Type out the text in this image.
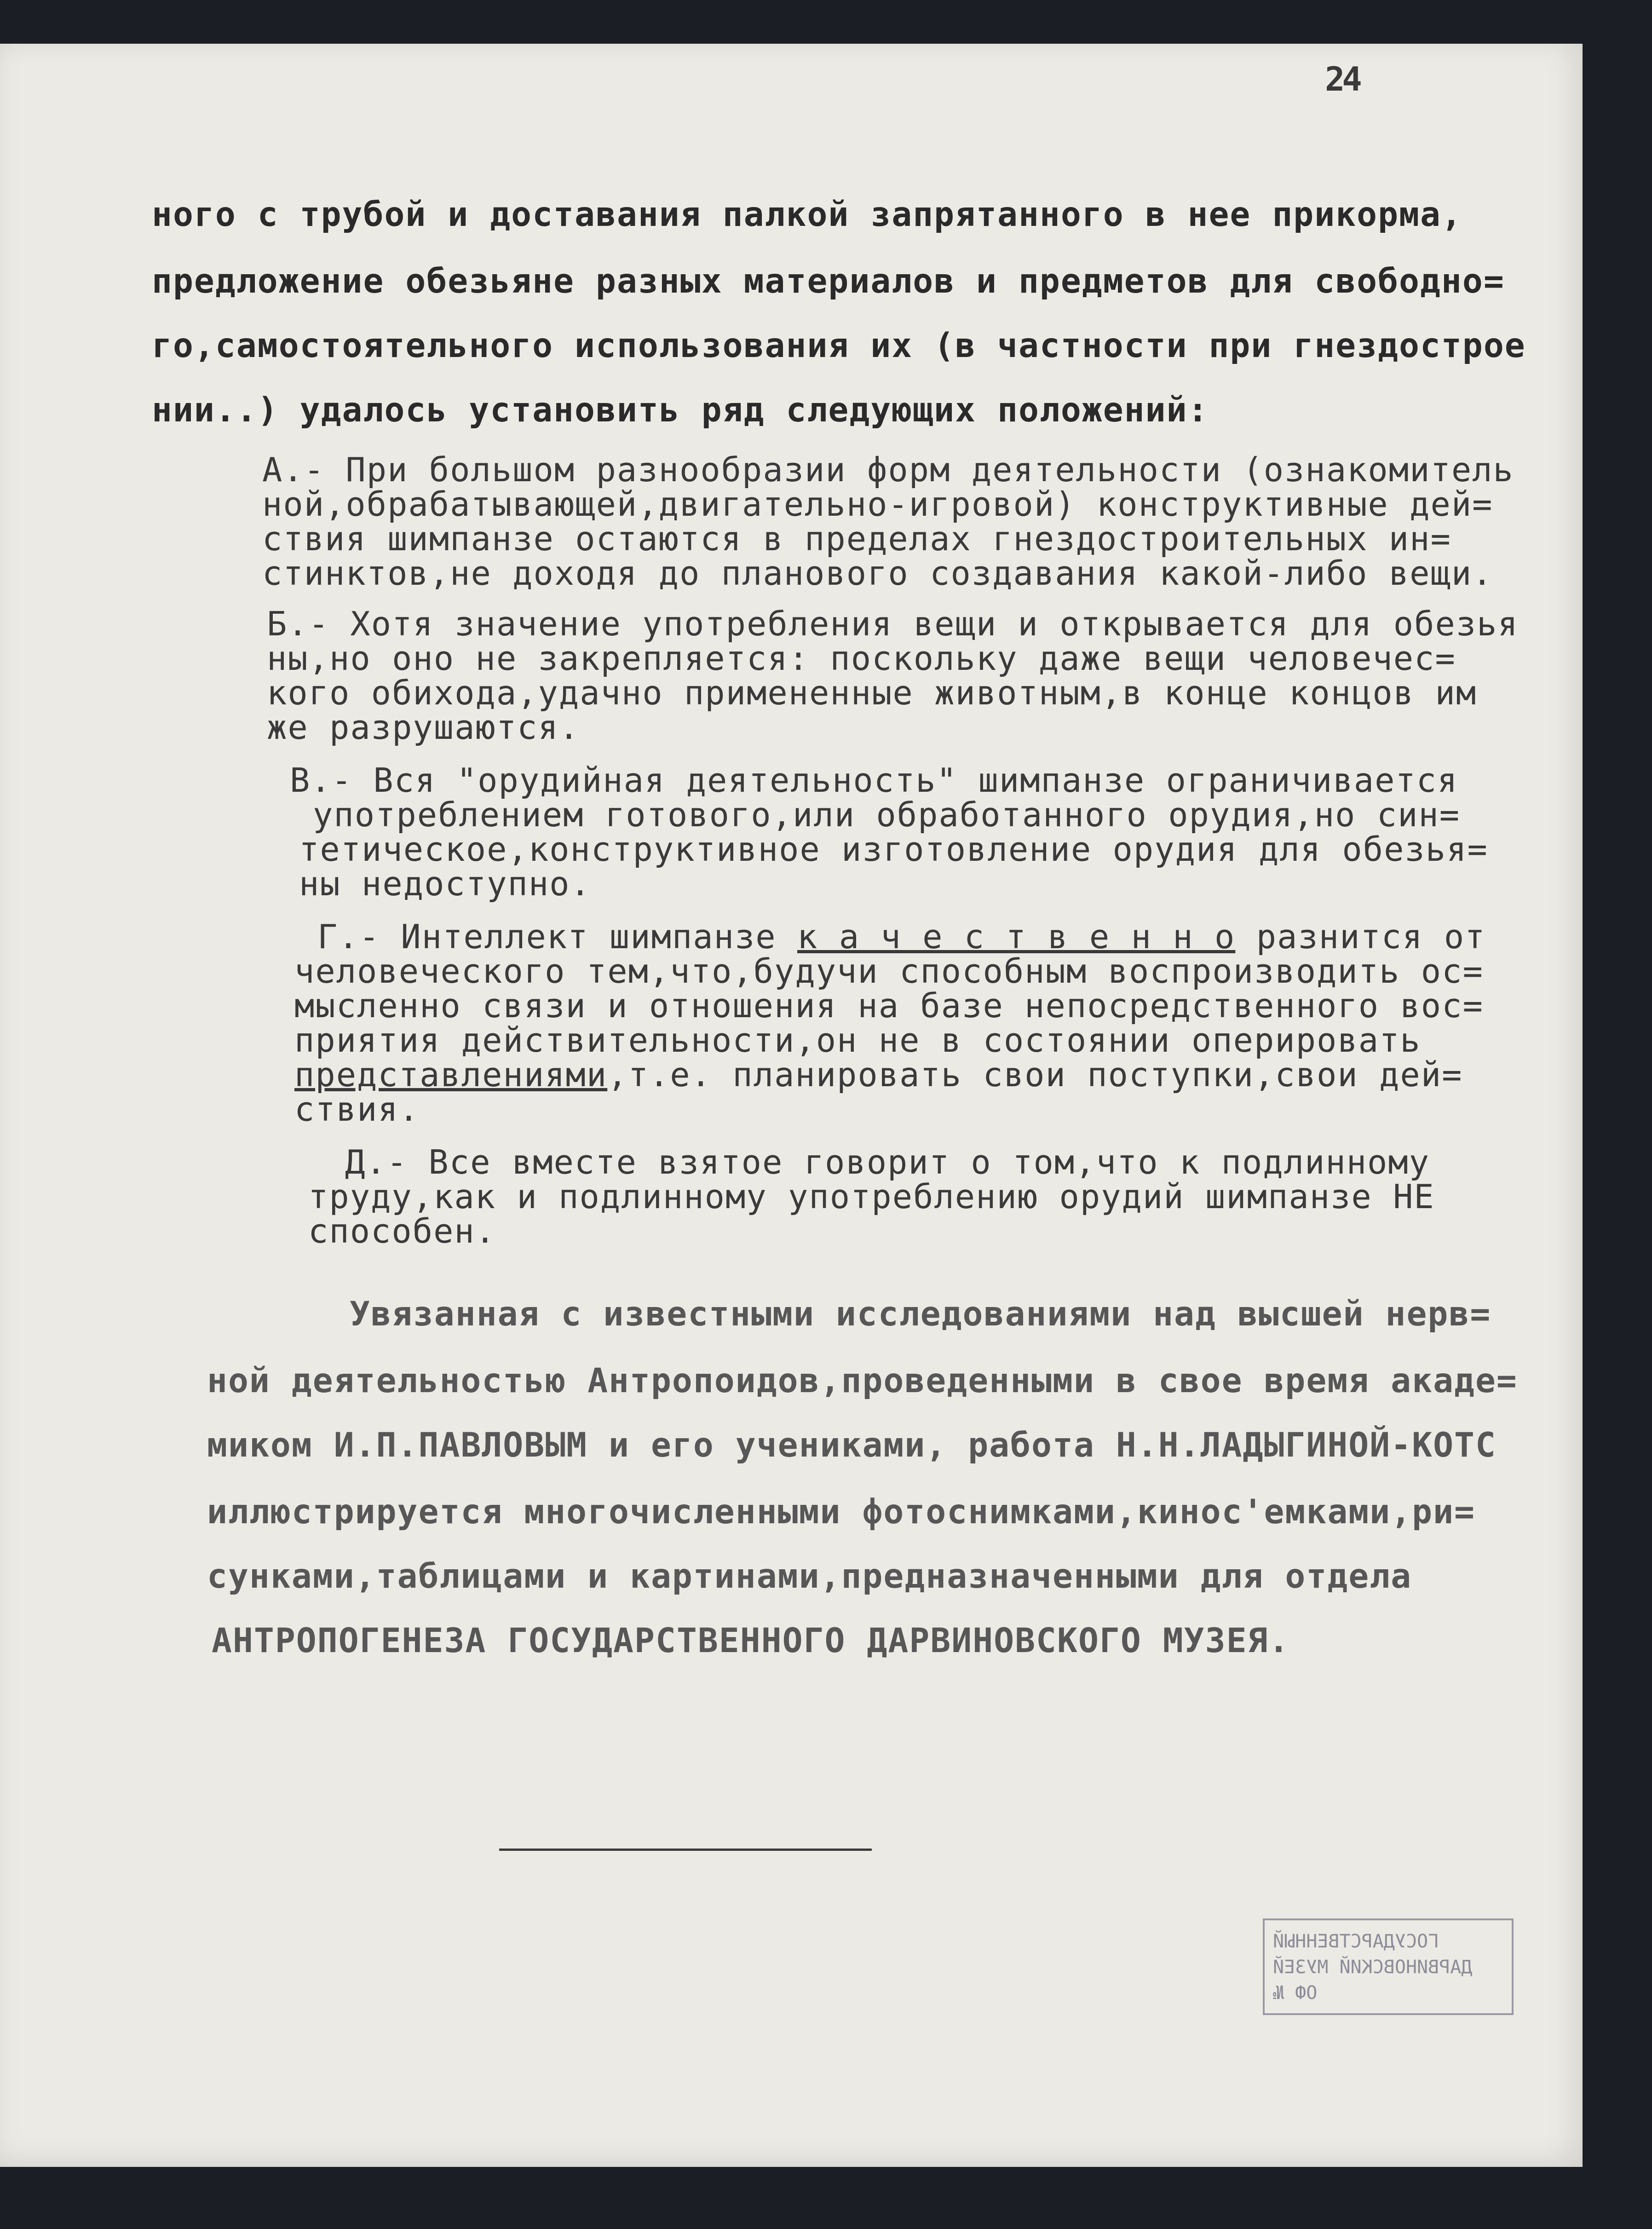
24
ного с трубой и доставания палкой запрятанного в нее прикорма,
предложение обезьяне разных материалов и предметов для свободно=
го,самостоятельного использования их (в частности при гнездострое
нии..) удалось установить ряд следующих положений:
А.- При большом разнообразии форм деятельности (ознакомитель
ной,обрабатывающей,двигательно-игровой) конструктивные дей=
ствия шимпанзе остаются в пределах гнездостроительных ин=
стинктов,не доходя до планового создавания какой-либо вещи.
Б.- Хотя значение употребления вещи и открывается для обезья
ны,но оно не закрепляется: поскольку даже вещи человечес=
кого обихода,удачно примененные животным,в конце концов им
же разрушаются.
В.- Вся "орудийная деятельность" шимпанзе ограничивается
употреблением готового,или обработанного орудия,но син=
тетическое,конструктивное изготовление орудия для обезья=
ны недоступно.
Г.- Интеллект шимпанзе к а ч е с т в е н н о разнится от
человеческого тем,что,будучи способным воспроизводить ос=
мысленно связи и отношения на базе непосредственного вос=
приятия действительности,он не в состоянии оперировать
представлениями,т.е. планировать свои поступки,свои дей=
ствия.
Д.- Все вместе взятое говорит о том,что к подлинному
труду,как и подлинному употреблению орудий шимпанзе НЕ
способен.
Увязанная с известными исследованиями над высшей нерв=
ной деятельностью Антропоидов,проведенными в свое время акаде=
миком И.П.ПАВЛОВЫМ и его учениками, работа Н.Н.ЛАДЫГИНОЙ-КОТС
иллюстрируется многочисленными фотоснимками,кинос'емками,ри=
сунками,таблицами и картинами,предназначенными для отдела
АНТРОПОГЕНЕЗА ГОСУДАРСТВЕННОГО ДАРВИНОВСКОГО МУЗЕЯ.
ГОСУДАРСТВЕННЫЙ
ДАРВИНОВСКИЙ МУЗЕЙ
ОФ №
